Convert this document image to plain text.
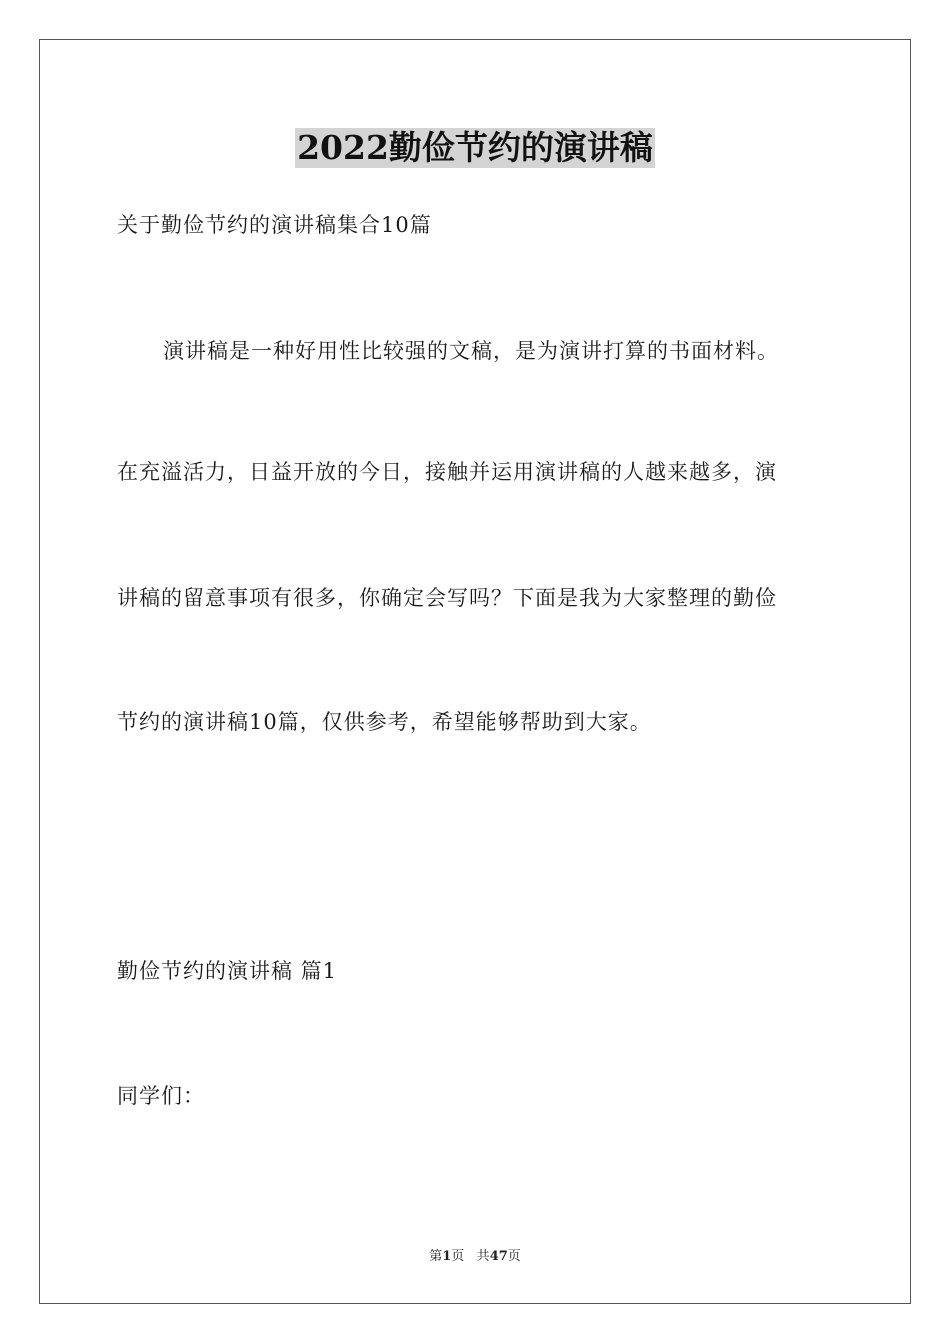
2022勤俭节约的演讲稿
关于勤俭节约的演讲稿集合10篇
演讲稿是一种好用性比较强的文稿，是为演讲打算的书面材料。
在充溢活力，日益开放的今日，接触并运用演讲稿的人越来越多，演
讲稿的留意事项有很多，你确定会写吗？下面是我为大家整理的勤俭
节约的演讲稿10篇，仅供参考，希望能够帮助到大家。
勤俭节约的演讲稿 篇1
同学们：
第1页 共47页
